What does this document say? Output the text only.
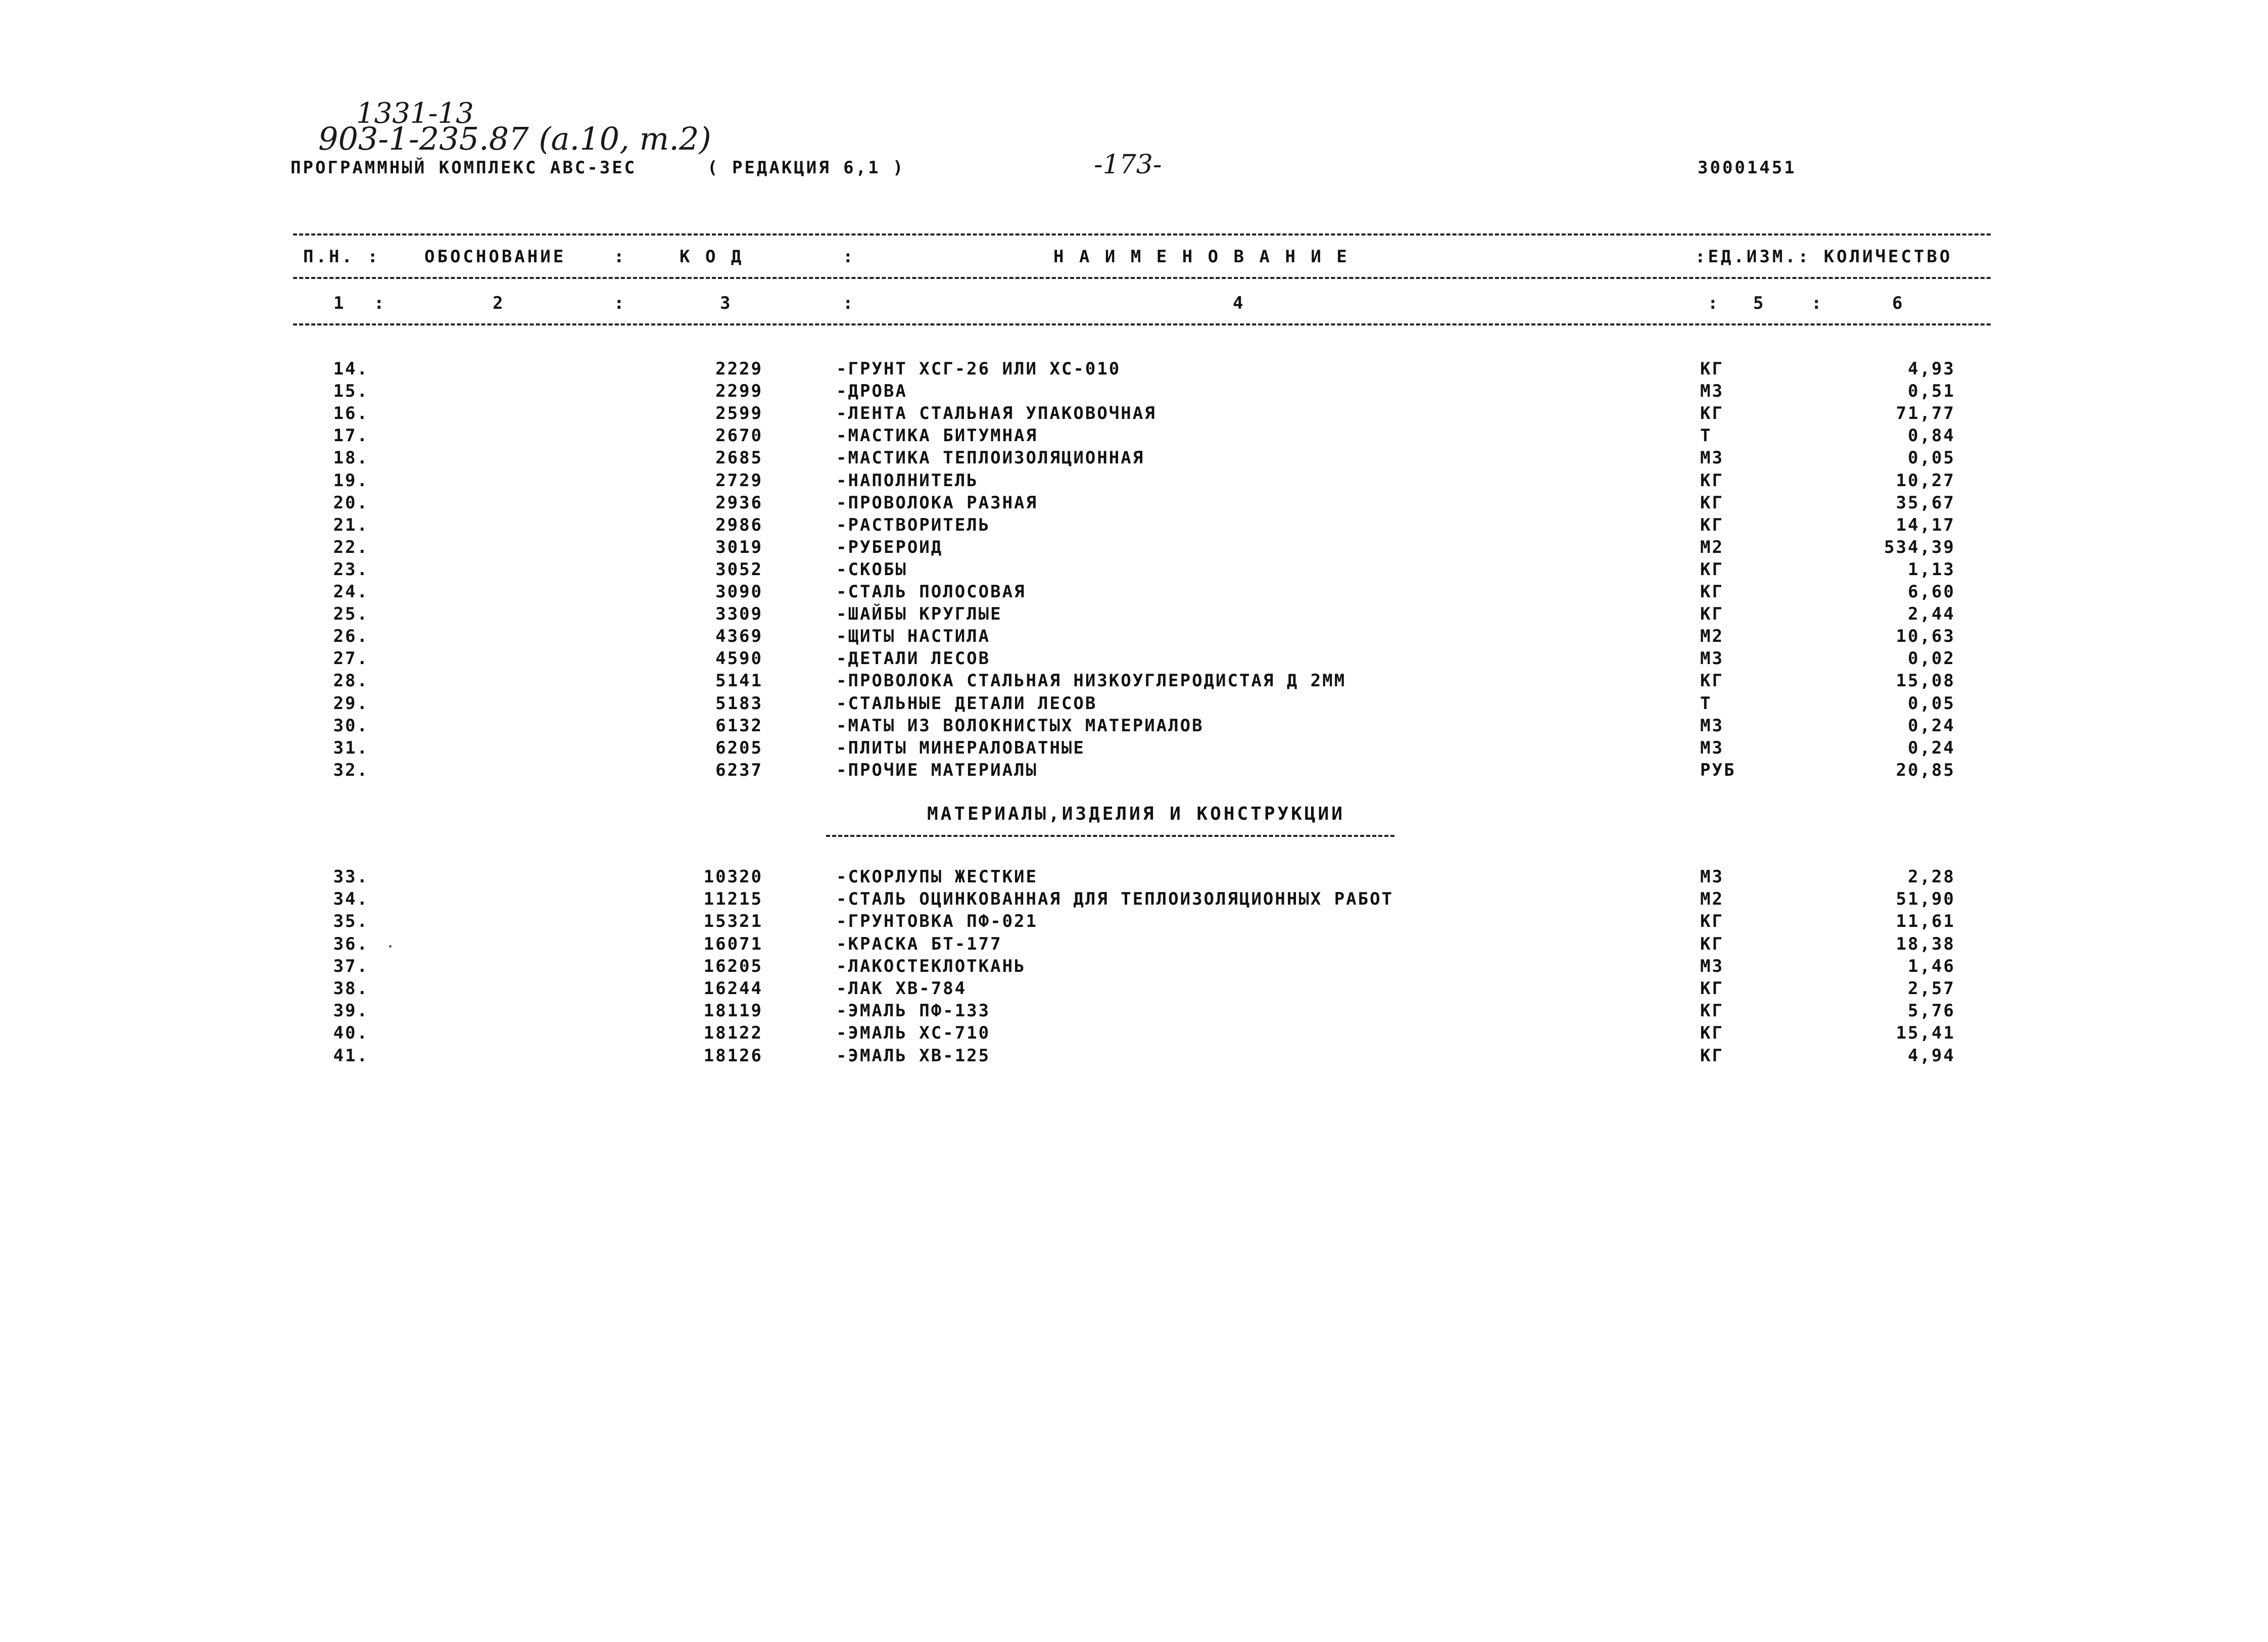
1331-13
903-1-235.87 (а.10, т.2)
ПРОГРАММНЫЙ КОМПЛЕКС АВС-3ЕС	( РЕДАКЦИЯ 6,1 )	-173-	30001451
П.Н. :	ОБОСНОВАНИЕ	:	К О Д	:	Н А И М Е Н О В А Н И Е	:ЕД.ИЗМ.: КОЛИЧЕСТВО
1 :	2	:	3	:	4	: 5	:	6
14.	2229	-ГРУНТ ХСГ-26 ИЛИ ХС-010	КГ	4,93
15.	2299	-ДРОВА	М3	0,51
16.	2599	-ЛЕНТА СТАЛЬНАЯ УПАКОВОЧНАЯ	КГ	71,77
17.	2670	-МАСТИКА БИТУМНАЯ	Т	0,84
18.	2685	-МАСТИКА ТЕПЛОИЗОЛЯЦИОННАЯ	М3	0,05
19.	2729	-НАПОЛНИТЕЛЬ	КГ	10,27
20.	2936	-ПРОВОЛОКА РАЗНАЯ	КГ	35,67
21.	2986	-РАСТВОРИТЕЛЬ	КГ	14,17
22.	3019	-РУБЕРОИД	М2	534,39
23.	3052	-СКОБЫ	КГ	1,13
24.	3090	-СТАЛЬ ПОЛОСОВАЯ	КГ	6,60
25.	3309	-ШАЙБЫ КРУГЛЫЕ	КГ	2,44
26.	4369	-ЩИТЫ НАСТИЛА	М2	10,63
27.	4590	-ДЕТАЛИ ЛЕСОВ	М3	0,02
28.	5141	-ПРОВОЛОКА СТАЛЬНАЯ НИЗКОУГЛЕРОДИСТАЯ Д 2ММ	КГ	15,08
29.	5183	-СТАЛЬНЫЕ ДЕТАЛИ ЛЕСОВ	Т	0,05
30.	6132	-МАТЫ ИЗ ВОЛОКНИСТЫХ МАТЕРИАЛОВ	М3	0,24
31.	6205	-ПЛИТЫ МИНЕРАЛОВАТНЫЕ	М3	0,24
32.	6237	-ПРОЧИЕ МАТЕРИАЛЫ	РУБ	20,85
МАТЕРИАЛЫ,ИЗДЕЛИЯ И КОНСТРУКЦИИ
33.	10320	-СКОРЛУПЫ ЖЕСТКИЕ	М3	2,28
34.	11215	-СТАЛЬ ОЦИНКОВАННАЯ ДЛЯ ТЕПЛОИЗОЛЯЦИОННЫХ РАБОТ	М2	51,90
35.	15321	-ГРУНТОВКА ПФ-021	КГ	11,61
36.	16071	-КРАСКА БТ-177	КГ	18,38
37.	16205	-ЛАКОСТЕКЛОТКАНЬ	М3	1,46
38.	16244	-ЛАК ХВ-784	КГ	2,57
39.	18119	-ЭМАЛЬ ПФ-133	КГ	5,76
40.	18122	-ЭМАЛЬ ХС-710	КГ	15,41
41.	18126	-ЭМАЛЬ ХВ-125	КГ	4,94
